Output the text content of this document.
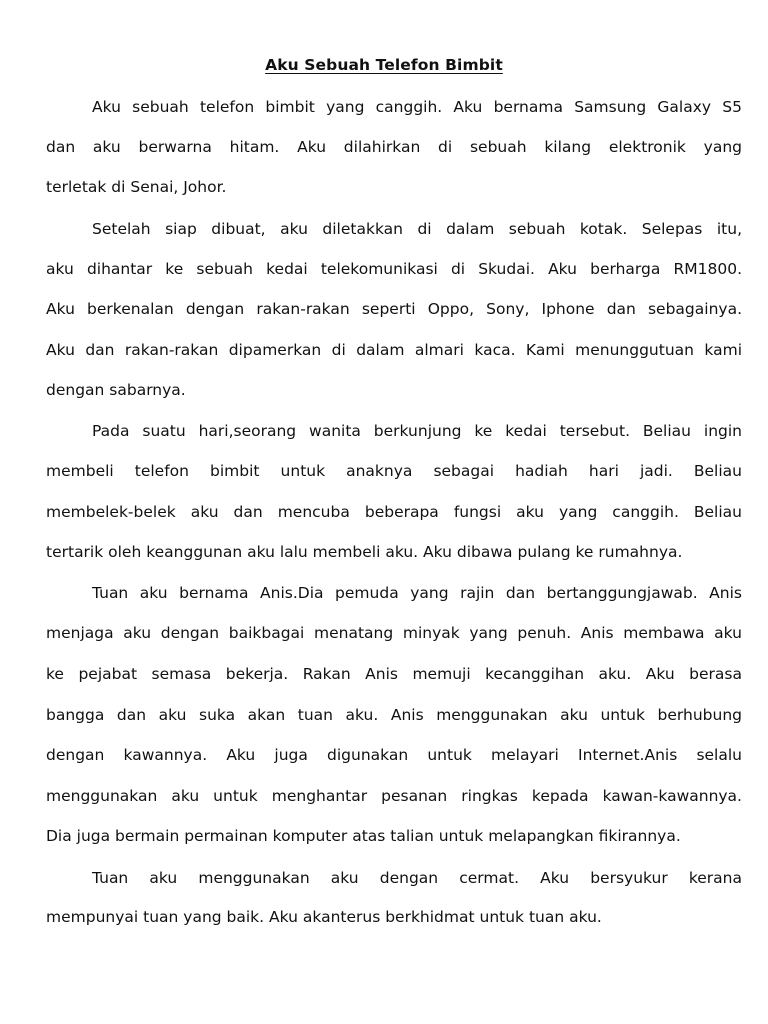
Aku Sebuah Telefon Bimbit
Aku sebuah telefon bimbit yang canggih. Aku bernama Samsung Galaxy S5
dan aku berwarna hitam. Aku dilahirkan di sebuah kilang elektronik yang
terletak di Senai, Johor.
Setelah siap dibuat, aku diletakkan di dalam sebuah kotak. Selepas itu,
aku dihantar ke sebuah kedai telekomunikasi di Skudai. Aku berharga RM1800.
Aku berkenalan dengan rakan-rakan seperti Oppo, Sony, Iphone dan sebagainya.
Aku dan rakan-rakan dipamerkan di dalam almari kaca. Kami menunggutuan kami
dengan sabarnya.
Pada suatu hari,seorang wanita berkunjung ke kedai tersebut. Beliau ingin
membeli telefon bimbit untuk anaknya sebagai hadiah hari jadi. Beliau
membelek-belek aku dan mencuba beberapa fungsi aku yang canggih. Beliau
tertarik oleh keanggunan aku lalu membeli aku. Aku dibawa pulang ke rumahnya.
Tuan aku bernama Anis.Dia pemuda yang rajin dan bertanggungjawab. Anis
menjaga aku dengan baikbagai menatang minyak yang penuh. Anis membawa aku
ke pejabat semasa bekerja. Rakan Anis memuji kecanggihan aku. Aku berasa
bangga dan aku suka akan tuan aku. Anis menggunakan aku untuk berhubung
dengan kawannya. Aku juga digunakan untuk melayari Internet.Anis selalu
menggunakan aku untuk menghantar pesanan ringkas kepada kawan-kawannya.
Dia juga bermain permainan komputer atas talian untuk melapangkan fikirannya.
Tuan aku menggunakan aku dengan cermat. Aku bersyukur kerana
mempunyai tuan yang baik. Aku akanterus berkhidmat untuk tuan aku.
